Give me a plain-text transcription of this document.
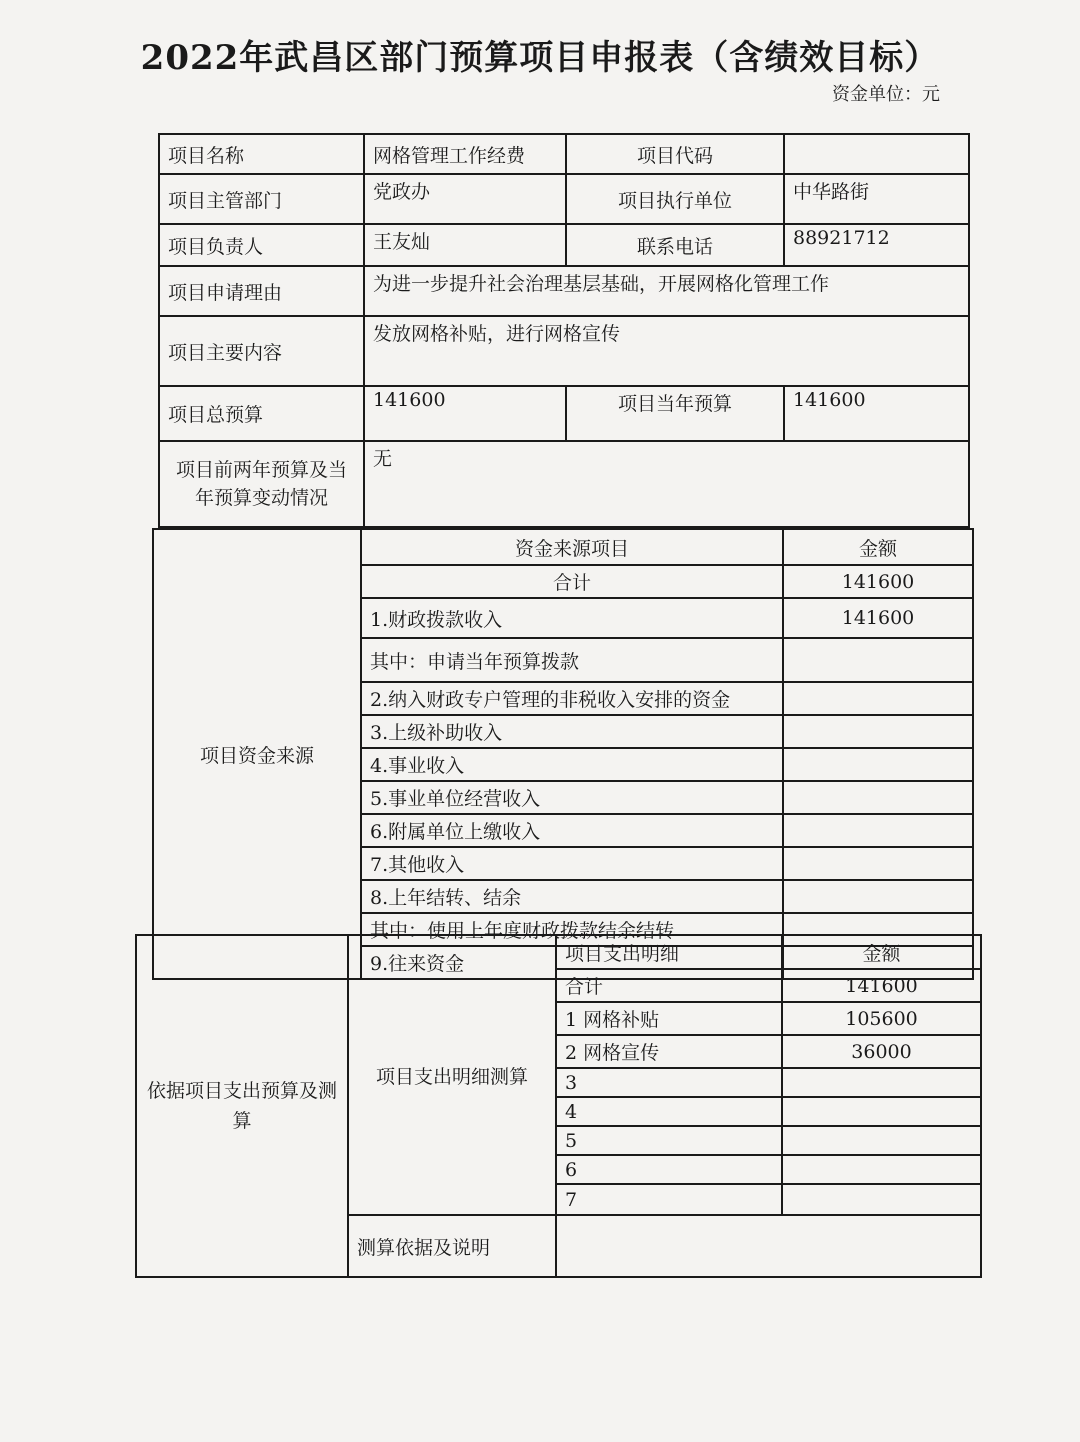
2022年武昌区部门预算项目申报表（含绩效目标）
资金单位：元
项目名称	网格管理工作经费	项目代码	
项目主管部门	党政办	项目执行单位	中华路街
项目负责人	王友灿	联系电话	88921712
项目申请理由	为进一步提升社会治理基层基础，开展网格化管理工作		
项目主要内容	发放网格补贴，进行网格宣传		
项目总预算	141600	项目当年预算	141600
项目前两年预算及当年预算变动情况	无		
项目资金来源	资金来源项目	金额
	合计	141600
	1.财政拨款收入	141600
	其中：申请当年预算拨款	
	2.纳入财政专户管理的非税收入安排的资金	
	3.上级补助收入	
	4.事业收入	
	5.事业单位经营收入	
	6.附属单位上缴收入	
	7.其他收入	
	8.上年结转、结余	
	其中：使用上年度财政拨款结余结转	
	9.往来资金	
依据项目支出预算及测算	项目支出明细测算	项目支出明细	金额
		合计	141600
		1 网格补贴	105600
		2 网格宣传	36000
		3	
		4	
		5	
		6	
		7	
	测算依据及说明		
